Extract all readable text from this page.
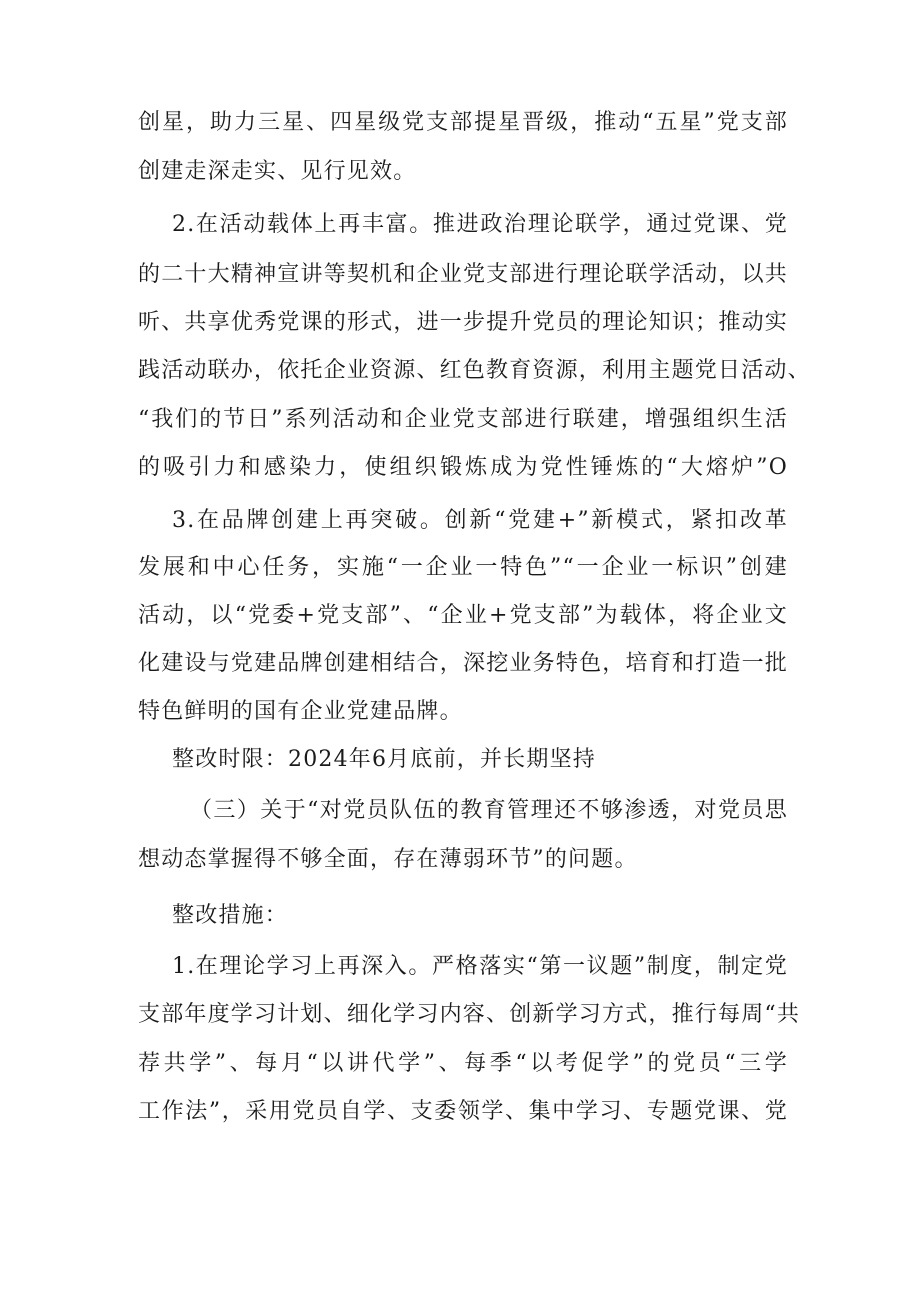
创星，助力三星、四星级党支部提星晋级，推动“五星”党支部
创建走深走实、见行见效。
2.在活动载体上再丰富。推进政治理论联学，通过党课、党
的二十大精神宣讲等契机和企业党支部进行理论联学活动，以共
听、共享优秀党课的形式，进一步提升党员的理论知识；推动实
践活动联办，依托企业资源、红色教育资源，利用主题党日活动、
“我们的节日”系列活动和企业党支部进行联建，增强组织生活
的吸引力和感染力，使组织锻炼成为党性锤炼的“大熔炉”O
3.在品牌创建上再突破。创新“党建+”新模式，紧扣改革
发展和中心任务，实施“一企业一特色”“一企业一标识”创建
活动，以“党委+党支部”、“企业+党支部”为载体，将企业文
化建设与党建品牌创建相结合，深挖业务特色，培育和打造一批
特色鲜明的国有企业党建品牌。
整改时限：2024年6月底前，并长期坚持
（三）关于“对党员队伍的教育管理还不够渗透，对党员思
想动态掌握得不够全面，存在薄弱环节”的问题。
整改措施：
1.在理论学习上再深入。严格落实“第一议题”制度，制定党
支部年度学习计划、细化学习内容、创新学习方式，推行每周“共
荐共学”、每月“以讲代学”、每季“以考促学”的党员“三学
工作法”，采用党员自学、支委领学、集中学习、专题党课、党
